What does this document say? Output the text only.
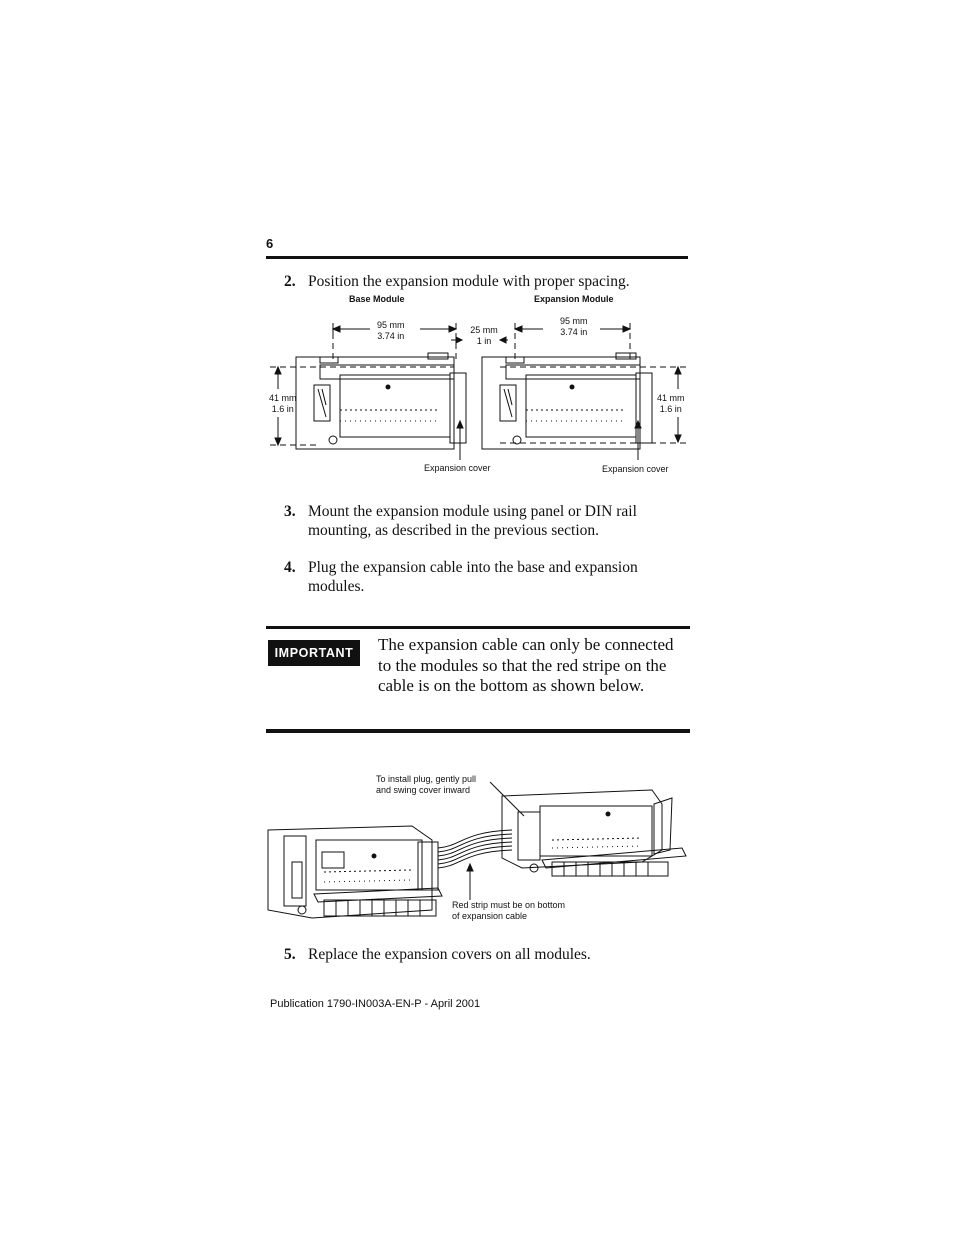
6
2. Position the expansion module with proper spacing.
Base Module	Expansion Module
95 mm
3.74 in
25 mm
1 in
95 mm
3.74 in
41 mm
1.6 in
41 mm
1.6 in
Expansion cover	Expansion cover
3. Mount the expansion module using panel or DIN rail mounting, as described in the previous section.
4. Plug the expansion cable into the base and expansion modules.
IMPORTANT	The expansion cable can only be connected to the modules so that the red stripe on the cable is on the bottom as shown below.
To install plug, gently pull
and swing cover inward
Red strip must be on bottom
of expansion cable
5. Replace the expansion covers on all modules.
Publication 1790-IN003A-EN-P - April 2001
